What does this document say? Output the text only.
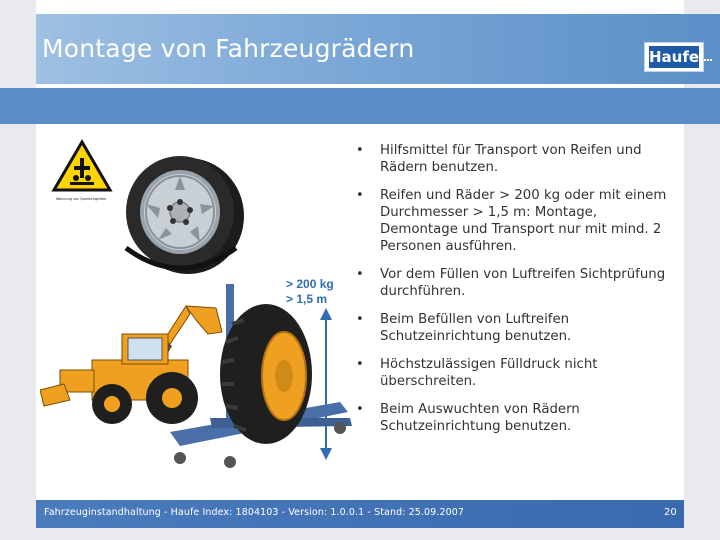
Montage von Fahrzeugrädern	Haufe
Warnung vor Quetschgefahr
> 200 kg
> 1,5 m
• Hilfsmittel für Transport von Reifen und Rädern benutzen.
• Reifen und Räder > 200 kg oder mit einem Durchmesser > 1,5 m: Montage, Demontage und Transport nur mit mind. 2 Personen ausführen.
• Vor dem Füllen von Luftreifen Sichtprüfung durchführen.
• Beim Befüllen von Luftreifen Schutzeinrichtung benutzen.
• Höchstzulässigen Fülldruck nicht überschreiten.
• Beim Auswuchten von Rädern Schutzeinrichtung benutzen.
Fahrzeuginstandhaltung - Haufe Index: 1804103 - Version: 1.0.0.1 - Stand: 25.09.2007	20
